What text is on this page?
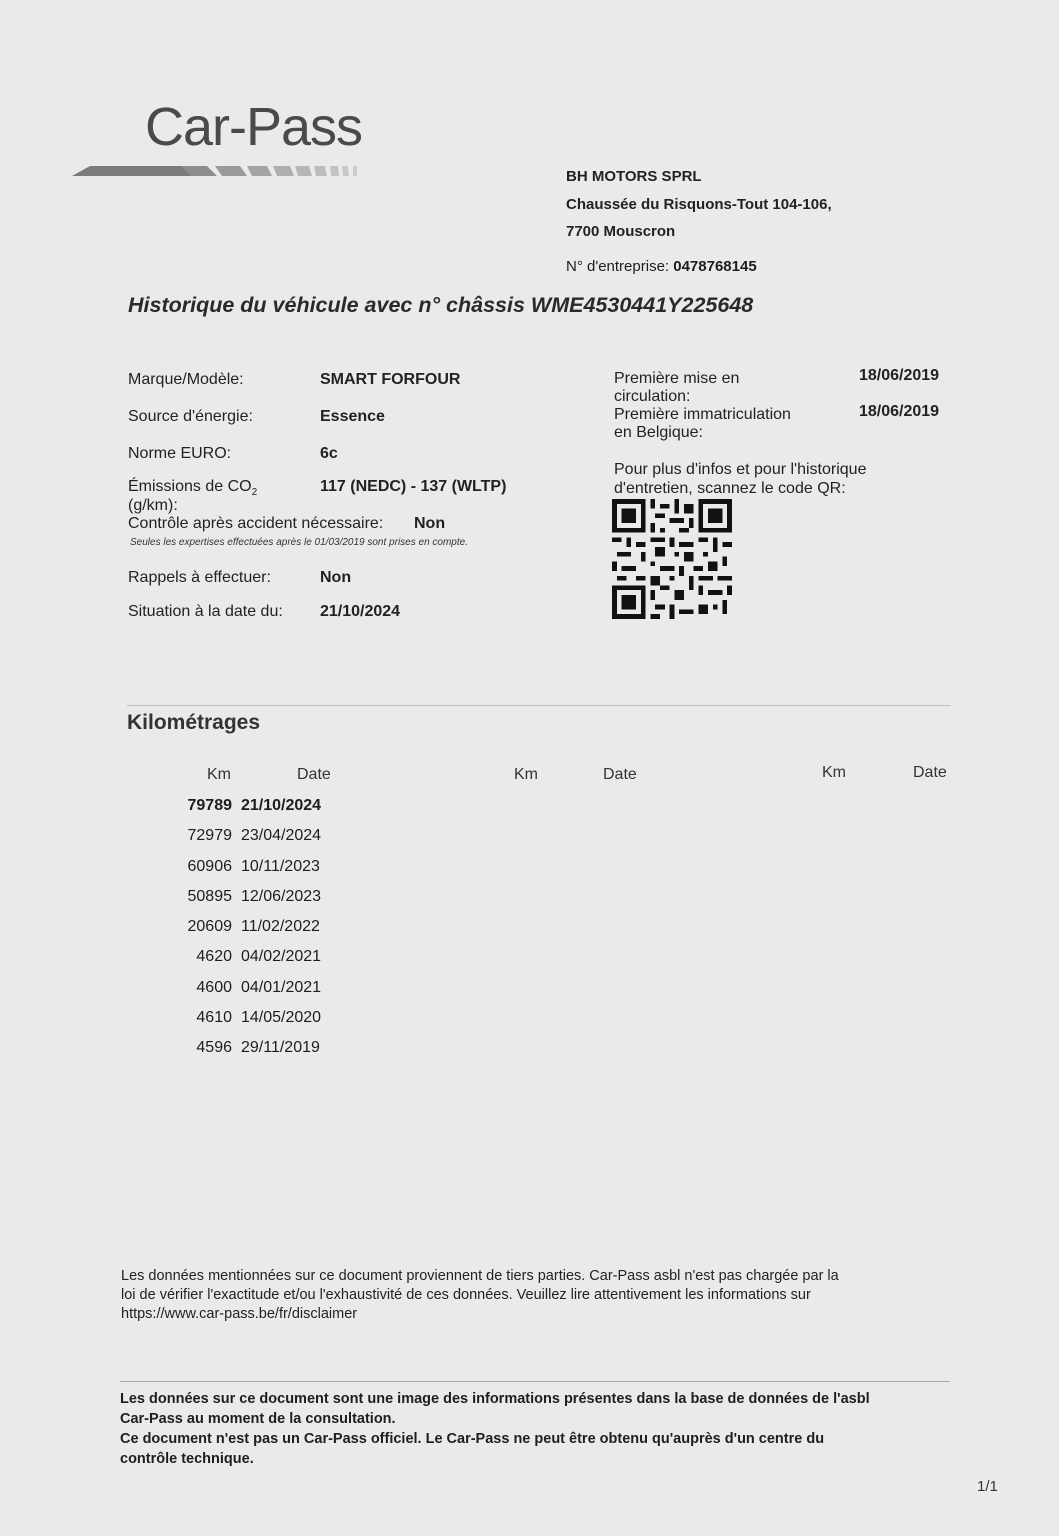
Car-Pass
BH MOTORS SPRL
Chaussée du Risquons-Tout 104-106,
7700 Mouscron
N° d'entreprise: 0478768145
Historique du véhicule avec n° châssis WME4530441Y225648
Marque/Modèle:	SMART FORFOUR
Source d'énergie:	Essence
Norme EURO:	6c
Émissions de $CO_2$
(g/km):
117 (NEDC) - 137 (WLTP)
Contrôle après accident nécessaire: Non
Seules les expertises effectuées après le 01/03/2019 sont prises en compte.
Rappels à effectuer:	Non
Situation à la date du: 21/10/2024
Première mise en
circulation:
18/06/2019
Première immatriculation
en Belgique:
18/06/2019
Pour plus d'infos et pour l'historique
d'entretien, scannez le code QR:
Kilométrages
Km	Date	Km	Date	Km	Date
79789 21/10/2024
72979 23/04/2024
60906 10/11/2023
50895 12/06/2023
20609 11/02/2022
4620 04/02/2021
4600 04/01/2021
4610 14/05/2020
4596 29/11/2019
Les données mentionnées sur ce document proviennent de tiers parties. Car-Pass asbl n'est pas chargée par la
loi de vérifier l'exactitude et/ou l'exhaustivité de ces données. Veuillez lire attentivement les informations sur
https://www.car-pass.be/fr/disclaimer
Les données sur ce document sont une image des informations présentes dans la base de données de l'asbl
Car-Pass au moment de la consultation.
Ce document n'est pas un Car-Pass officiel. Le Car-Pass ne peut être obtenu qu'auprès d'un centre du
contrôle technique.
1/1
